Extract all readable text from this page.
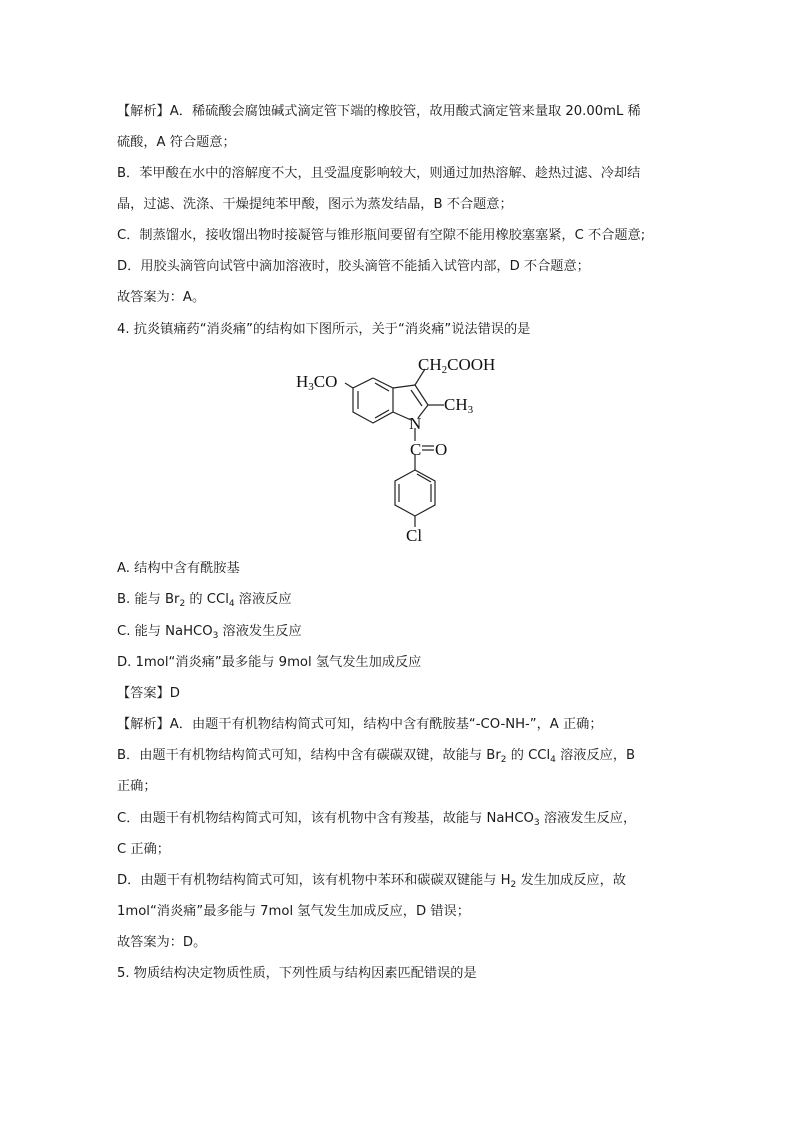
【解析】A．稀硫酸会腐蚀碱式滴定管下端的橡胶管，故用酸式滴定管来量取 20.00mL 稀
硫酸，A 符合题意；
B．苯甲酸在水中的溶解度不大，且受温度影响较大，则通过加热溶解、趁热过滤、冷却结
晶，过滤、洗涤、干燥提纯苯甲酸，图示为蒸发结晶，B 不合题意；
C．制蒸馏水，接收馏出物时接凝管与锥形瓶间要留有空隙不能用橡胶塞塞紧，C 不合题意;
D．用胶头滴管向试管中滴加溶液时，胶头滴管不能插入试管内部，D 不合题意；
故答案为：A。
4. 抗炎镇痛药“消炎痛”的结构如下图所示，关于“消炎痛”说法错误的是
H3CO
CH2COOH
CH3
N
C O
Cl
A. 结构中含有酰胺基
B. 能与 $Br_2$ 的 CCl$_4$ 溶液反应
C. 能与 NaHCO$_3$ 溶液发生反应
D. 1mol“消炎痛”最多能与 9mol 氢气发生加成反应
【答案】D
【解析】A．由题干有机物结构简式可知，结构中含有酰胺基“-CO-NH-”，A 正确；
B．由题干有机物结构简式可知，结构中含有碳碳双键，故能与 $Br_2$ 的 CCl$_4$ 溶液反应，B
正确；
C．由题干有机物结构简式可知，该有机物中含有羧基，故能与 NaHCO$_3$ 溶液发生反应，
C 正确；
D．由题干有机物结构简式可知，该有机物中苯环和碳碳双键能与 $H_2$ 发生加成反应，故
1mol“消炎痛”最多能与 7mol 氢气发生加成反应，D 错误；
故答案为：D。
5. 物质结构决定物质性质，下列性质与结构因素匹配错误的是
